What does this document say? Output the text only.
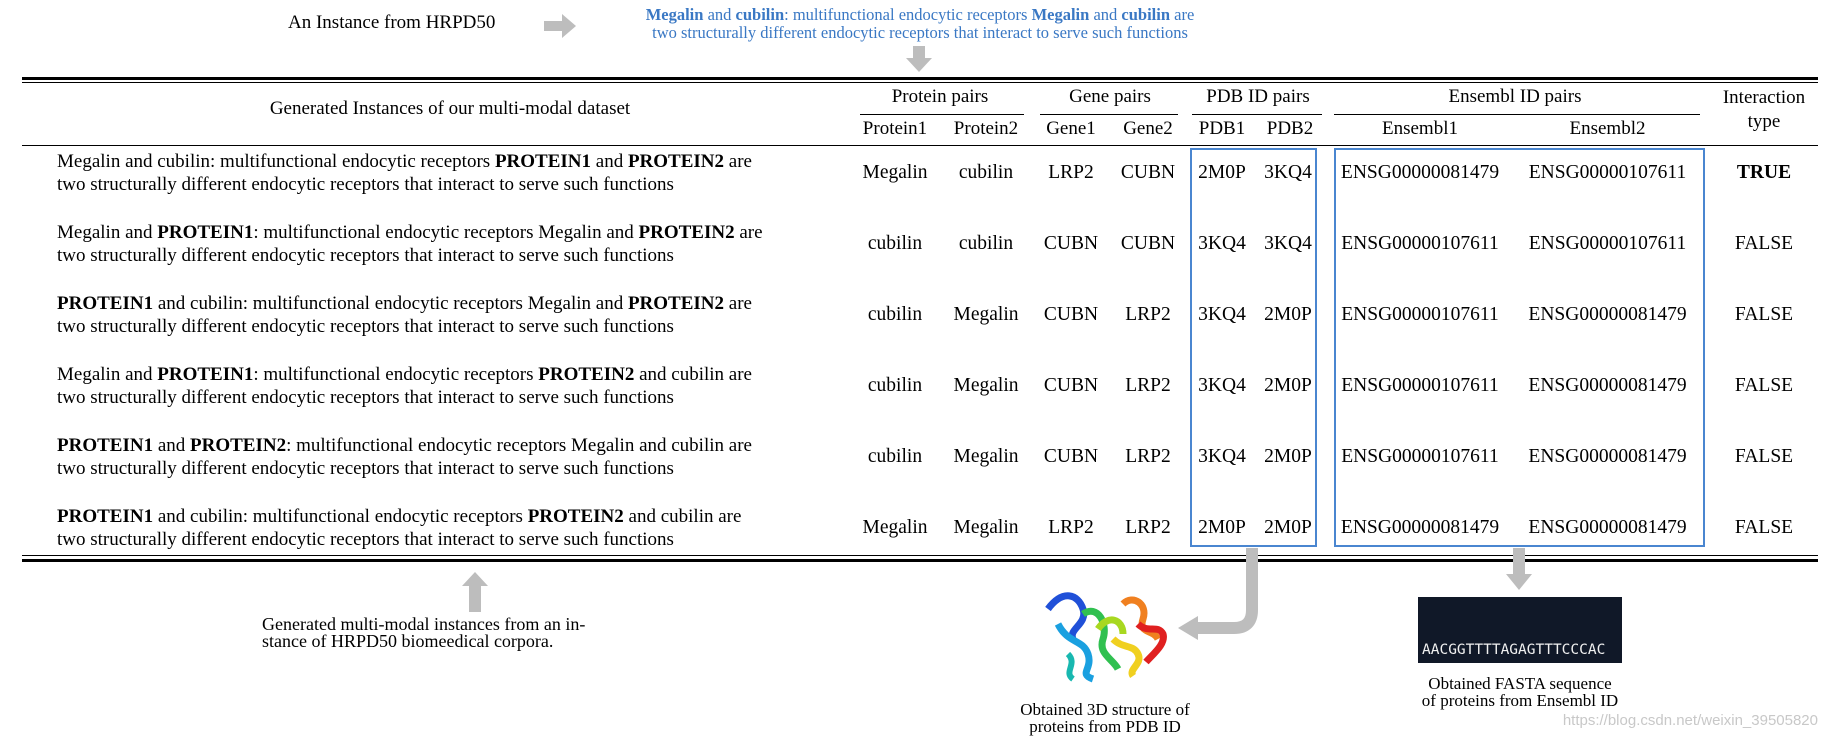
An Instance from HRPD50	Megalin and cubilin: multifunctional endocytic receptors Megalin and cubilin are
two structurally different endocytic receptors that interact to serve such functions
Generated Instances of our multi-modal dataset
Protein pairs	Gene pairs	PDB ID pairs	Ensembl ID pairs	Interaction
type
Protein1	Protein2	Gene1	Gene2	PDB1	PDB2	Ensembl1	Ensembl2
Megalin and cubilin: multifunctional endocytic receptors PROTEIN1 and PROTEIN2 are
two structurally different endocytic receptors that interact to serve such functions
Megalin	cubilin	LRP2	CUBN	2M0P 3KQ4	ENSG00000081479	ENSG00000107611	TRUE
Megalin and PROTEIN1: multifunctional endocytic receptors Megalin and PROTEIN2 are
two structurally different endocytic receptors that interact to serve such functions
cubilin	cubilin	CUBN	CUBN	3KQ4 3KQ4	ENSG00000107611	ENSG00000107611	FALSE
PROTEIN1 and cubilin: multifunctional endocytic receptors Megalin and PROTEIN2 are
two structurally different endocytic receptors that interact to serve such functions
cubilin	Megalin	CUBN	LRP2	3KQ4 2M0P	ENSG00000107611	ENSG00000081479	FALSE
Megalin and PROTEIN1: multifunctional endocytic receptors PROTEIN2 and cubilin are
two structurally different endocytic receptors that interact to serve such functions
cubilin	Megalin	CUBN	LRP2	3KQ4 2M0P	ENSG00000107611	ENSG00000081479	FALSE
PROTEIN1 and PROTEIN2: multifunctional endocytic receptors Megalin and cubilin are
two structurally different endocytic receptors that interact to serve such functions
cubilin	Megalin	CUBN	LRP2	3KQ4 2M0P	ENSG00000107611	ENSG00000081479	FALSE
PROTEIN1 and cubilin: multifunctional endocytic receptors PROTEIN2 and cubilin are
two structurally different endocytic receptors that interact to serve such functions
Megalin	Megalin	LRP2	LRP2	2M0P 2M0P	ENSG00000081479	ENSG00000081479	FALSE
Generated multi-modal instances from an in-
stance of HRPD50 biomeedical corpora.
Obtained 3D structure of
proteins from PDB ID

AACGGTTTTAGAGTTTCCCAC

Obtained FASTA sequence
of proteins from Ensembl ID
https://blog.csdn.net/weixin_39505820
